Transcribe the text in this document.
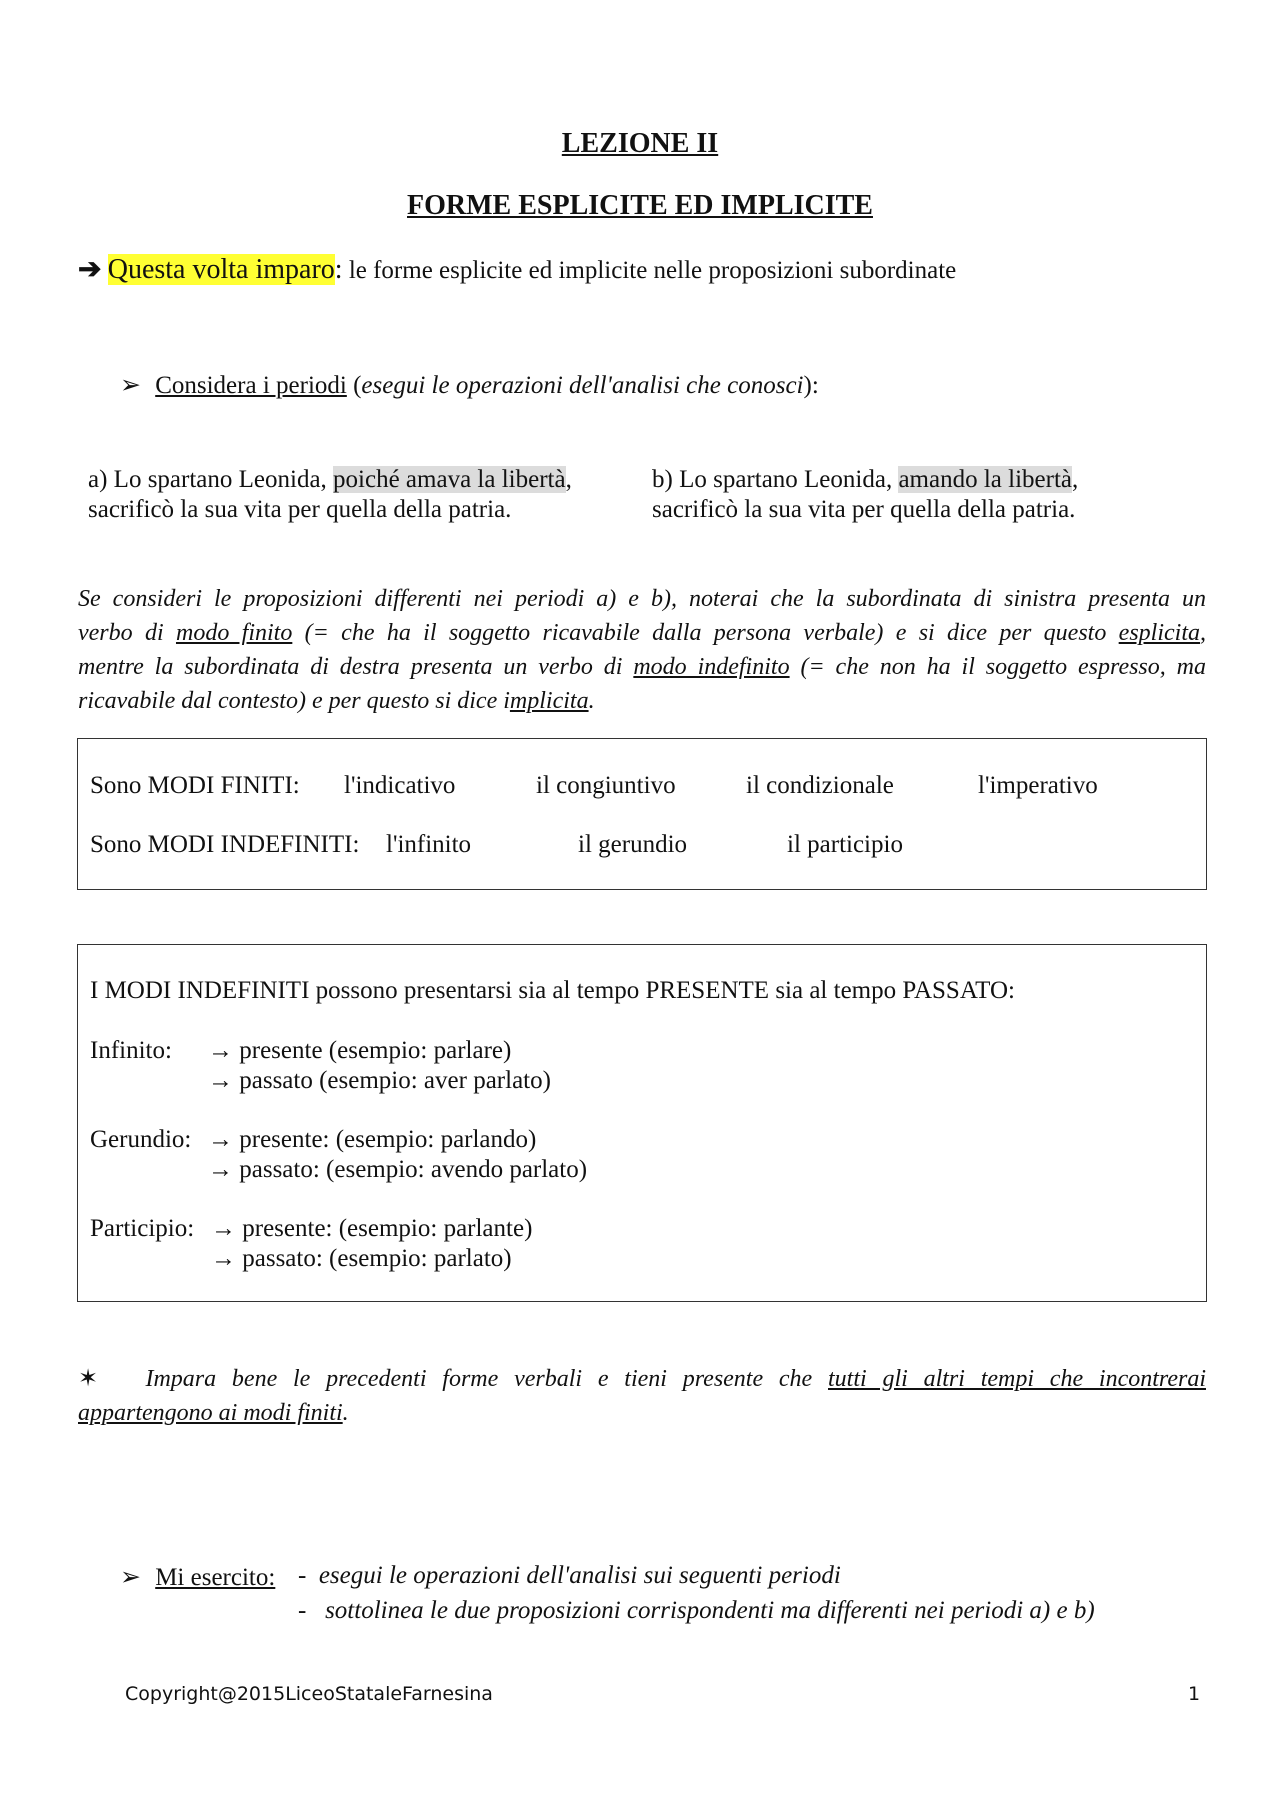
LEZIONE II
FORME ESPLICITE ED IMPLICITE
➔ Questa volta imparo: le forme esplicite ed implicite nelle proposizioni subordinate
➢ Considera i periodi (esegui le operazioni dell'analisi che conosci):
a) Lo spartano Leonida, poiché amava la libertà,
sacrificò la sua vita per quella della patria.
b) Lo spartano Leonida, amando la libertà,
sacrificò la sua vita per quella della patria.
Se consideri le proposizioni differenti nei periodi a) e b), noterai che la subordinata di sinistra presenta un
verbo di modo finito (= che ha il soggetto ricavabile dalla persona verbale) e si dice per questo esplicita,
mentre la subordinata di destra presenta un verbo di modo indefinito (= che non ha il soggetto espresso, ma
ricavabile dal contesto) e per questo si dice implicita.
Sono MODI FINITI: l'indicativo	il congiuntivo	il condizionale	l'imperativo
Sono MODI INDEFINITI: l'infinito	il gerundio	il participio
I MODI INDEFINITI possono presentarsi sia al tempo PRESENTE sia al tempo PASSATO:
Infinito: → presente (esempio: parlare)
→ passato (esempio: aver parlato)
Gerundio: → presente: (esempio: parlando)
→ passato: (esempio: avendo parlato)
Participio: → presente: (esempio: parlante)
→ passato: (esempio: parlato)
✶ Impara bene le precedenti forme verbali e tieni presente che tutti gli altri tempi che incontrerai
appartengono ai modi finiti.
➢ Mi esercito: - esegui le operazioni dell'analisi sui seguenti periodi
- sottolinea le due proposizioni corrispondenti ma differenti nei periodi a) e b)
Copyright@2015LiceoStataleFarnesina	1
